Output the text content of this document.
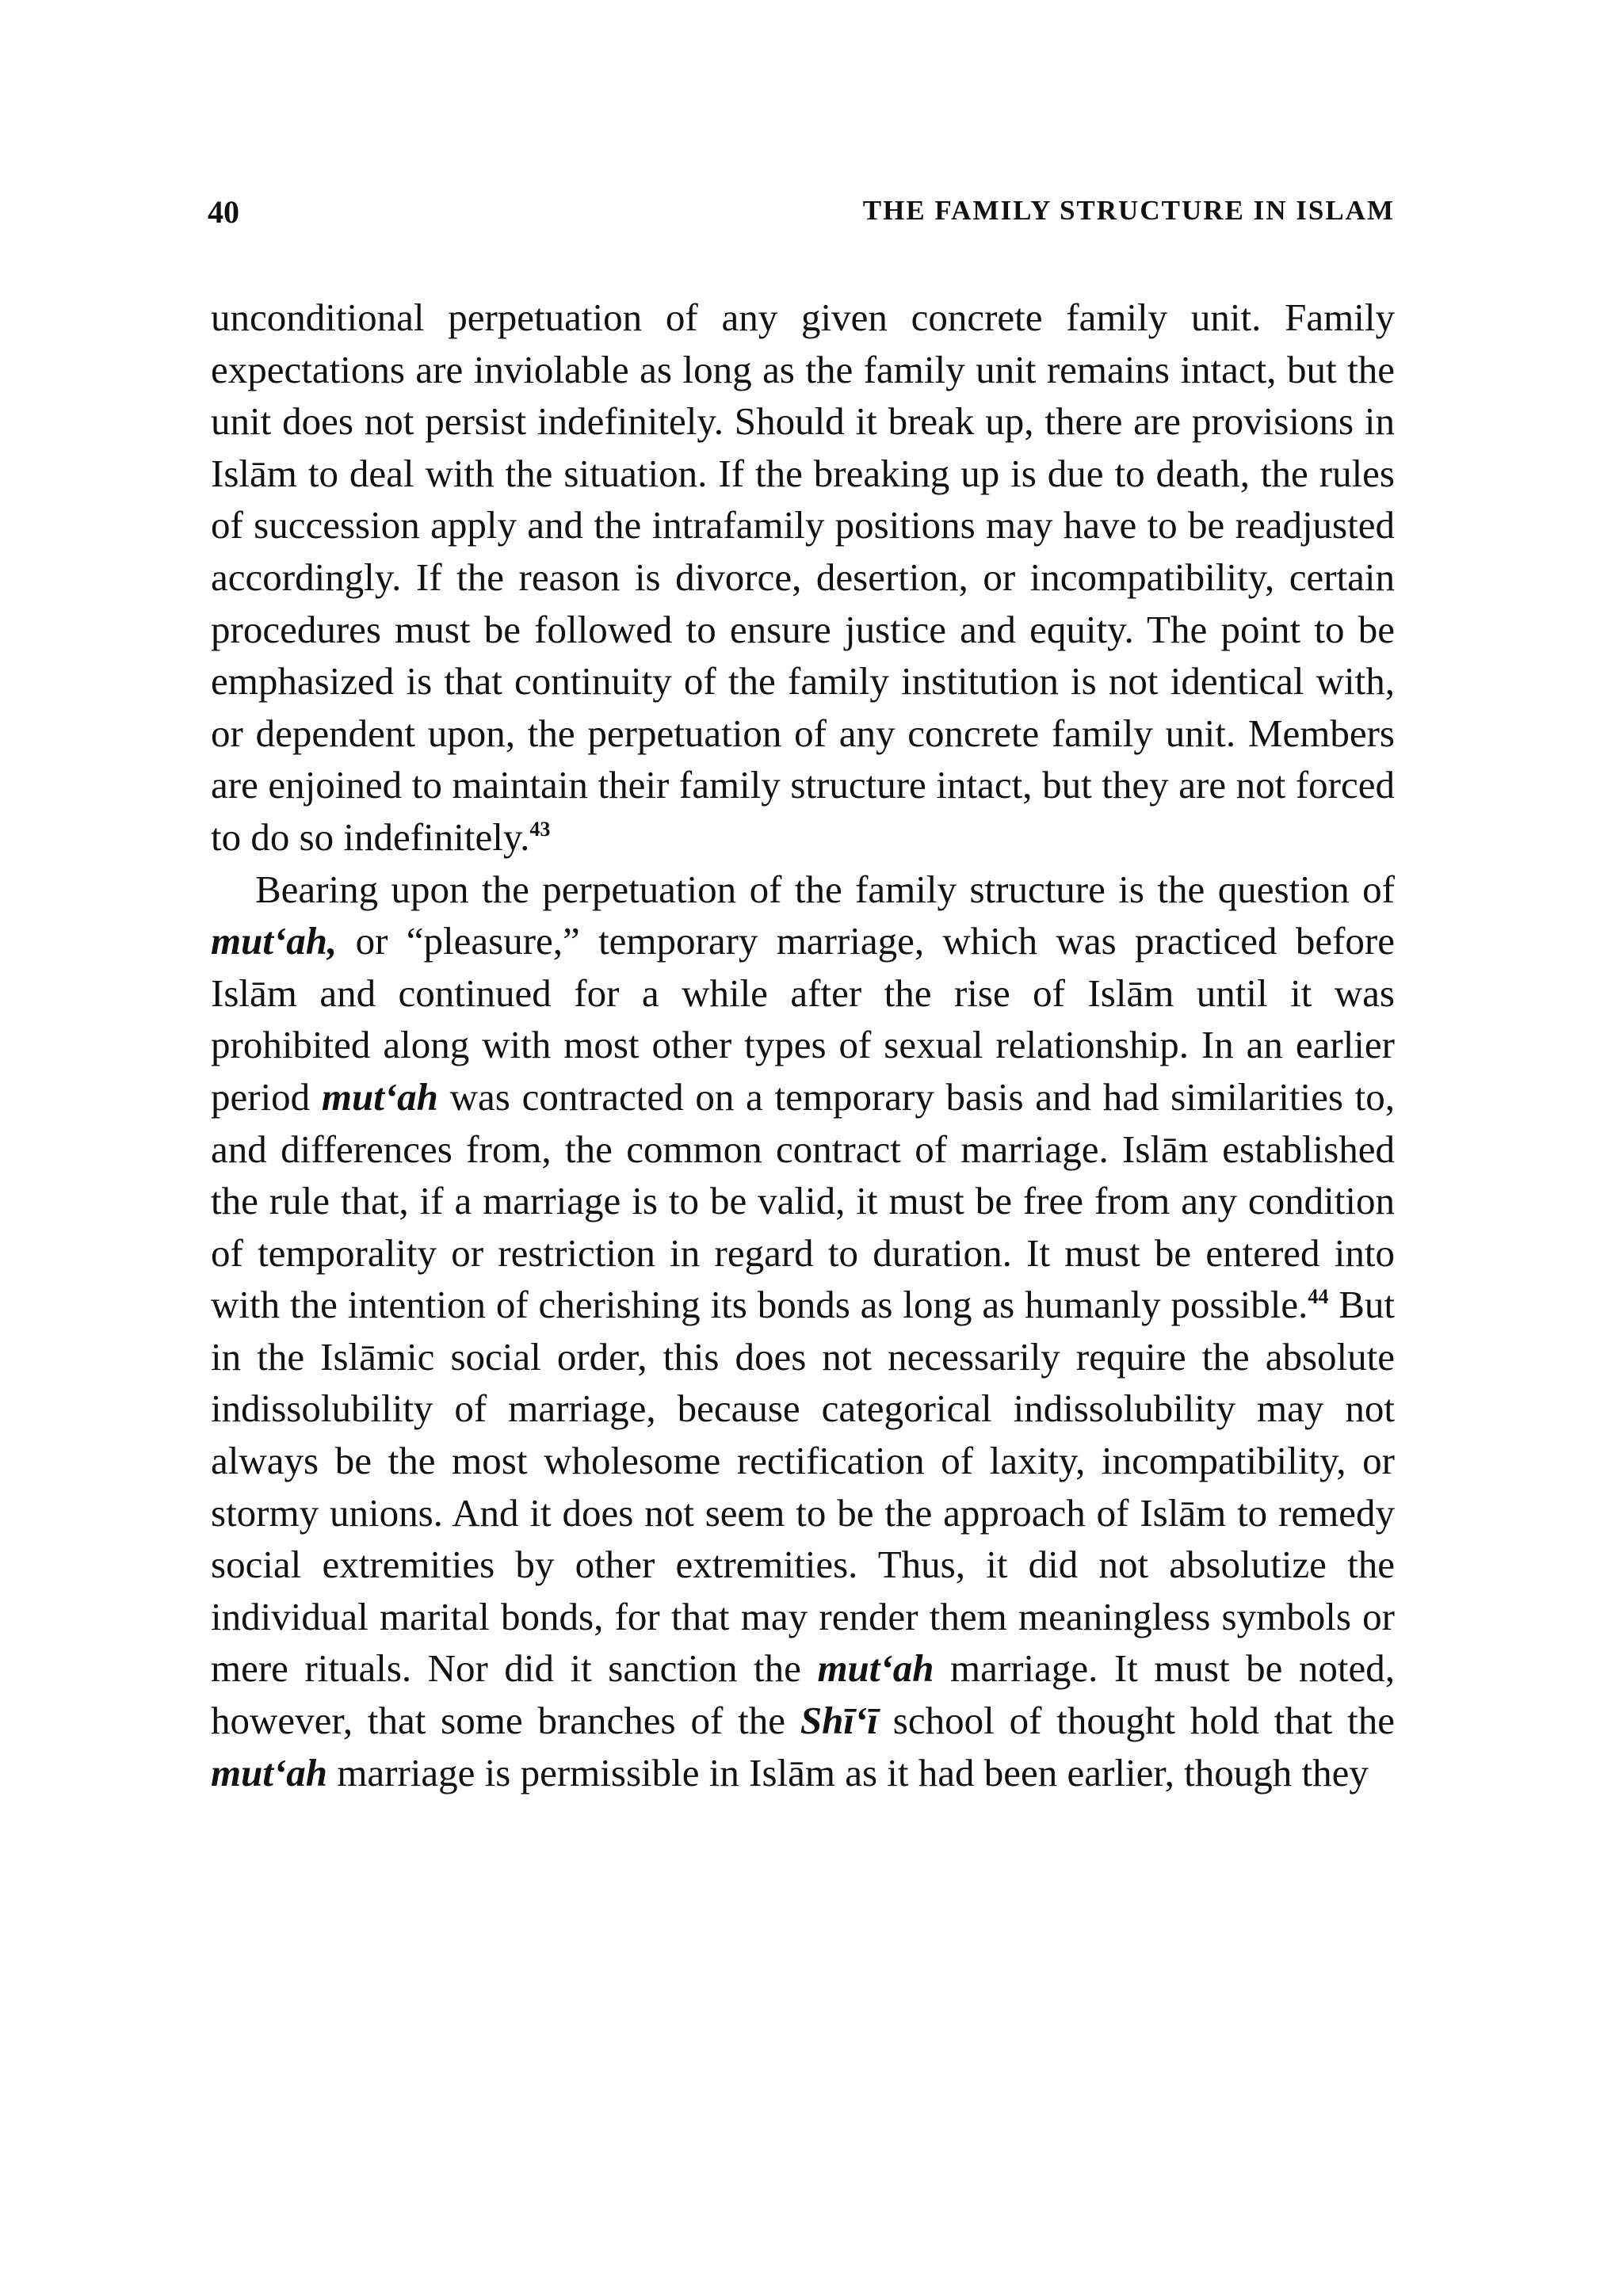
40	THE FAMILY STRUCTURE IN ISLAM

unconditional perpetuation of any given concrete family unit. Family expectations are inviolable as long as the family unit remains intact, but the unit does not persist indefinitely. Should it break up, there are provisions in Islām to deal with the situation. If the breaking up is due to death, the rules of succession apply and the intrafamily positions may have to be readjusted accordingly. If the reason is divorce, desertion, or incompatibility, certain procedures must be followed to ensure justice and equity. The point to be emphasized is that continuity of the family institution is not identical with, or dependent upon, the perpetuation of any concrete family unit. Members are enjoined to maintain their family structure intact, but they are not forced to do so indefinitely.$^{43}$

Bearing upon the perpetuation of the family structure is the question of mut‘ah, or “pleasure,” temporary marriage, which was practiced before Islām and continued for a while after the rise of Islām until it was prohibited along with most other types of sexual relationship. In an earlier period mut‘ah was contracted on a temporary basis and had similarities to, and differences from, the common contract of marriage. Islām established the rule that, if a marriage is to be valid, it must be free from any condition of temporality or restriction in regard to duration. It must be entered into with the intention of cherishing its bonds as long as humanly possible.$^{44}$ But in the Islāmic social order, this does not necessarily require the absolute indissolubility of marriage, because categorical indissolubility may not always be the most wholesome rectification of laxity, incompatibility, or stormy unions. And it does not seem to be the approach of Islām to remedy social extremities by other extremities. Thus, it did not absolutize the individual marital bonds, for that may render them meaningless symbols or mere rituals. Nor did it sanction the mut‘ah marriage. It must be noted, however, that some branches of the Shī‘ī school of thought hold that the mut‘ah marriage is permissible in Islām as it had been earlier, though they
